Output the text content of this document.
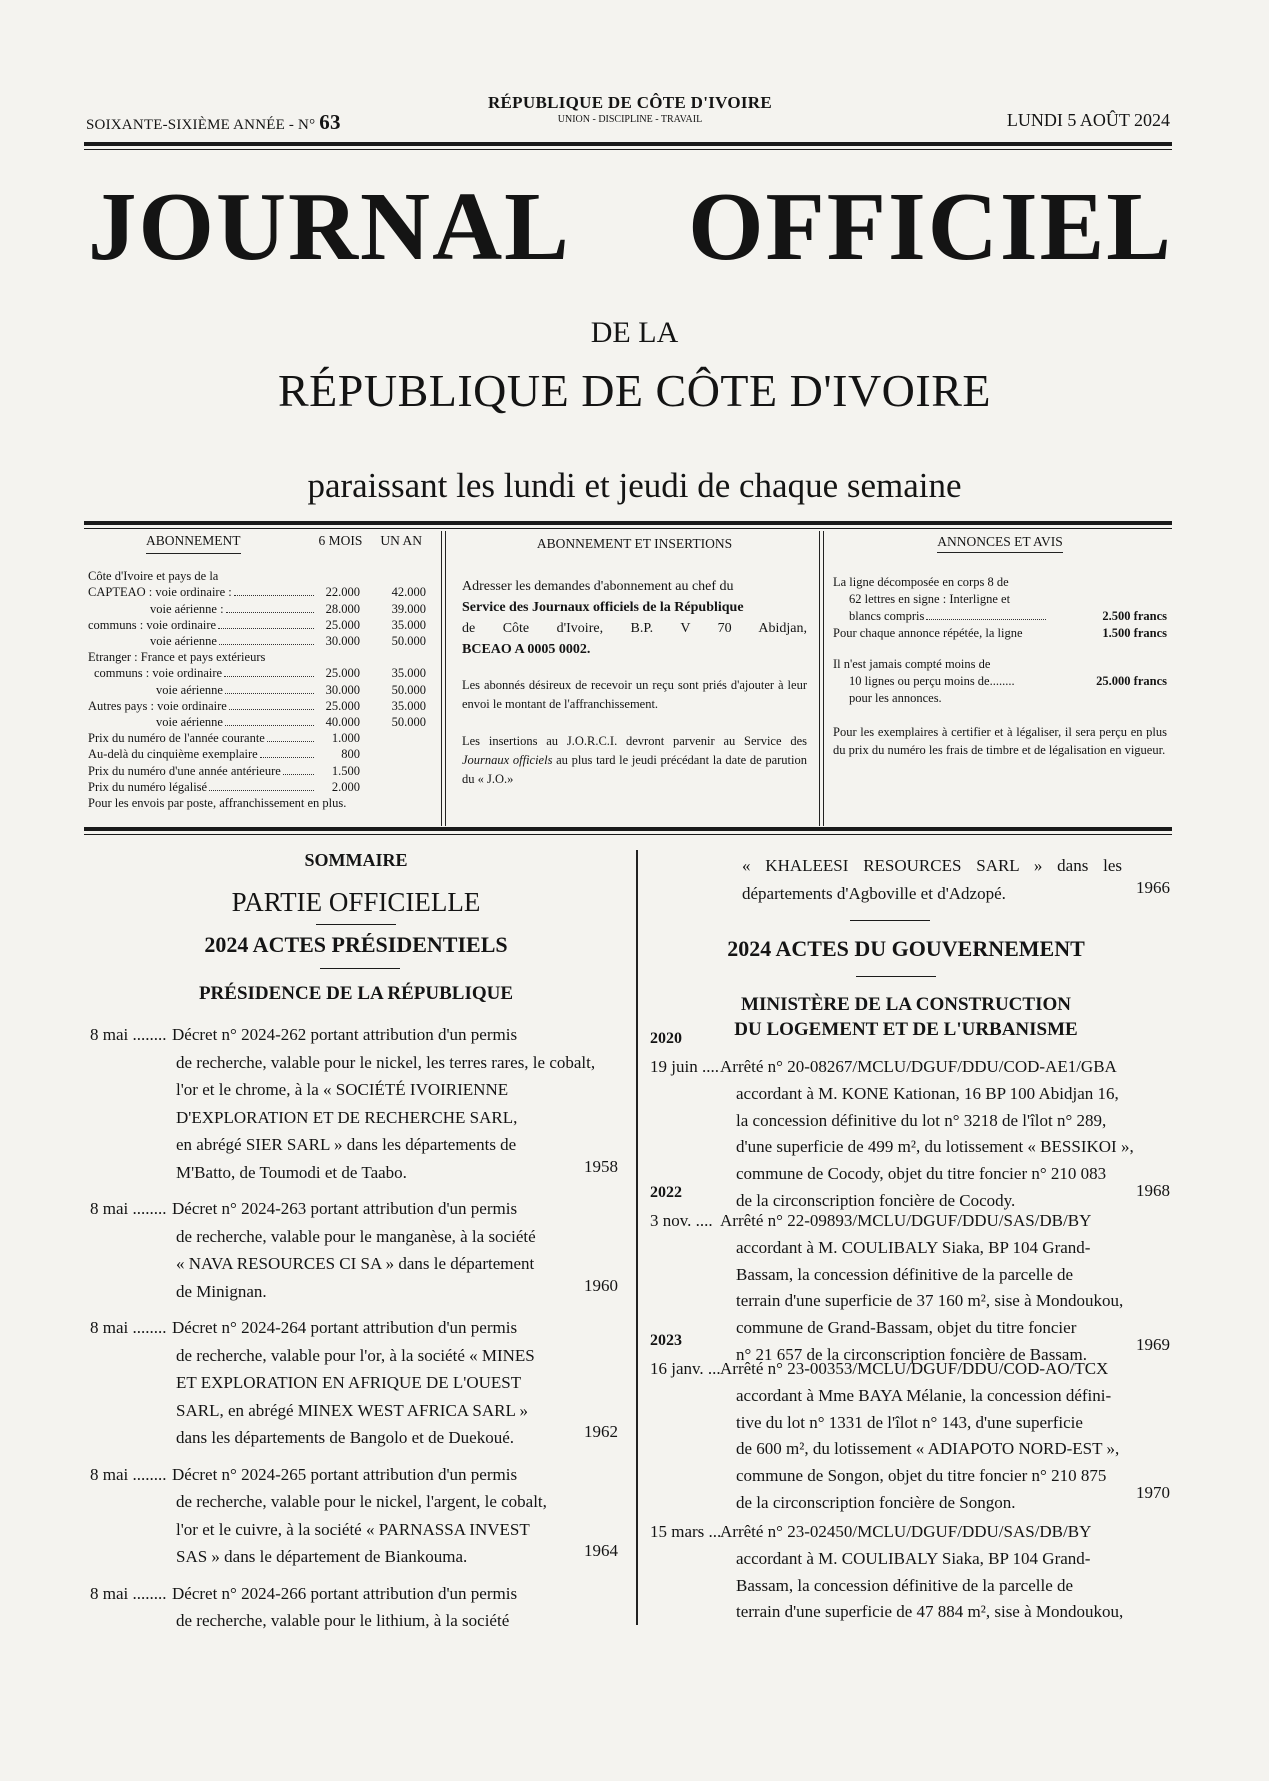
SOIXANTE-SIXIÈME ANNÉE - N° 63
RÉPUBLIQUE DE CÔTE D'IVOIRE
UNION - DISCIPLINE - TRAVAIL	LUNDI 5 AOÛT 2024
JOURNAL OFFICIEL
DE LA
RÉPUBLIQUE DE CÔTE D'IVOIRE
paraissant les lundi et jeudi de chaque semaine
ABONNEMENT	6 MOIS UN AN
Côte d'Ivoire et pays de la
CAPTEAO : voie ordinaire :	22.000	42.000
voie aérienne :	28.000	39.000
communs : voie ordinaire	25.000	35.000
voie aérienne	30.000	50.000
Etranger : France et pays extérieurs
communs : voie ordinaire	25.000	35.000
voie aérienne	30.000	50.000
Autres pays : voie ordinaire	25.000	35.000
voie aérienne	40.000	50.000
Prix du numéro de l'année courante	1.000
Au-delà du cinquième exemplaire	800
Prix du numéro d'une année antérieure	1.500
Prix du numéro légalisé	2.000
Pour les envois par poste, affranchissement en plus.
ABONNEMENT ET INSERTIONS
Adresser les demandes d'abonnement au chef du
Service des Journaux officiels de la République
de Côte d'Ivoire, B.P. V 70 Abidjan,
BCEAO A 0005 0002.
Les abonnés désireux de recevoir un reçu sont priés d'ajouter à leur envoi le montant de l'affranchissement.
Les insertions au J.O.R.C.I. devront parvenir au Service des Journaux officiels au plus tard le jeudi précédant la date de parution du « J.O.»
ANNONCES ET AVIS
La ligne décomposée en corps 8 de
62 lettres en signe : Interligne et
blancs compris	2.500 francs
Pour chaque annonce répétée, la ligne	1.500 francs
Il n'est jamais compté moins de
10 lignes ou perçu moins de........	25.000 francs
pour les annonces.
Pour les exemplaires à certifier et à légaliser, il sera perçu en plus du prix du numéro les frais de timbre et de légalisation en vigueur.
SOMMAIRE
PARTIE OFFICIELLE
2024 ACTES PRÉSIDENTIELS
PRÉSIDENCE DE LA RÉPUBLIQUE
8 mai ........ Décret n° 2024-262 portant attribution d'un permis
de recherche, valable pour le nickel, les terres rares, le cobalt,
l'or et le chrome, à la « SOCIÉTÉ IVOIRIENNE
D'EXPLORATION ET DE RECHERCHE SARL,
en abrégé SIER SARL » dans les départements de
M'Batto, de Toumodi et de Taabo.	1958
8 mai ........ Décret n° 2024-263 portant attribution d'un permis
de recherche, valable pour le manganèse, à la société
« NAVA RESOURCES CI SA » dans le département
de Minignan.	1960
8 mai ........ Décret n° 2024-264 portant attribution d'un permis
de recherche, valable pour l'or, à la société « MINES
ET EXPLORATION EN AFRIQUE DE L'OUEST
SARL, en abrégé MINEX WEST AFRICA SARL »
dans les départements de Bangolo et de Duekoué.	1962
8 mai ........ Décret n° 2024-265 portant attribution d'un permis
de recherche, valable pour le nickel, l'argent, le cobalt,
l'or et le cuivre, à la société « PARNASSA INVEST
SAS » dans le département de Biankouma.	1964
8 mai ........ Décret n° 2024-266 portant attribution d'un permis
de recherche, valable pour le lithium, à la société
« KHALEESI RESOURCES SARL » dans les
départements d'Agboville et d'Adzopé.	1966
2024 ACTES DU GOUVERNEMENT
MINISTÈRE DE LA CONSTRUCTION
DU LOGEMENT ET DE L'URBANISME
2020
19 juin .... Arrêté n° 20-08267/MCLU/DGUF/DDU/COD-AE1/GBA
accordant à M. KONE Kationan, 16 BP 100 Abidjan 16,
la concession définitive du lot n° 3218 de l'îlot n° 289,
d'une superficie de 499 m², du lotissement « BESSIKOI »,
commune de Cocody, objet du titre foncier n° 210 083
de la circonscription foncière de Cocody.
1968
2022
3 nov. .... Arrêté n° 22-09893/MCLU/DGUF/DDU/SAS/DB/BY
accordant à M. COULIBALY Siaka, BP 104 Grand-
Bassam, la concession définitive de la parcelle de
terrain d'une superficie de 37 160 m², sise à Mondoukou,
commune de Grand-Bassam, objet du titre foncier
n° 21 657 de la circonscription foncière de Bassam.
1969
2023
16 janv. ... Arrêté n° 23-00353/MCLU/DGUF/DDU/COD-AO/TCX
accordant à Mme BAYA Mélanie, la concession défini-
tive du lot n° 1331 de l'îlot n° 143, d'une superficie
de 600 m², du lotissement « ADIAPOTO NORD-EST »,
commune de Songon, objet du titre foncier n° 210 875
de la circonscription foncière de Songon.
1970
15 mars ...
Arrêté n° 23-02450/MCLU/DGUF/DDU/SAS/DB/BY
accordant à M. COULIBALY Siaka, BP 104 Grand-
Bassam, la concession définitive de la parcelle de
terrain d'une superficie de 47 884 m², sise à Mondoukou,
